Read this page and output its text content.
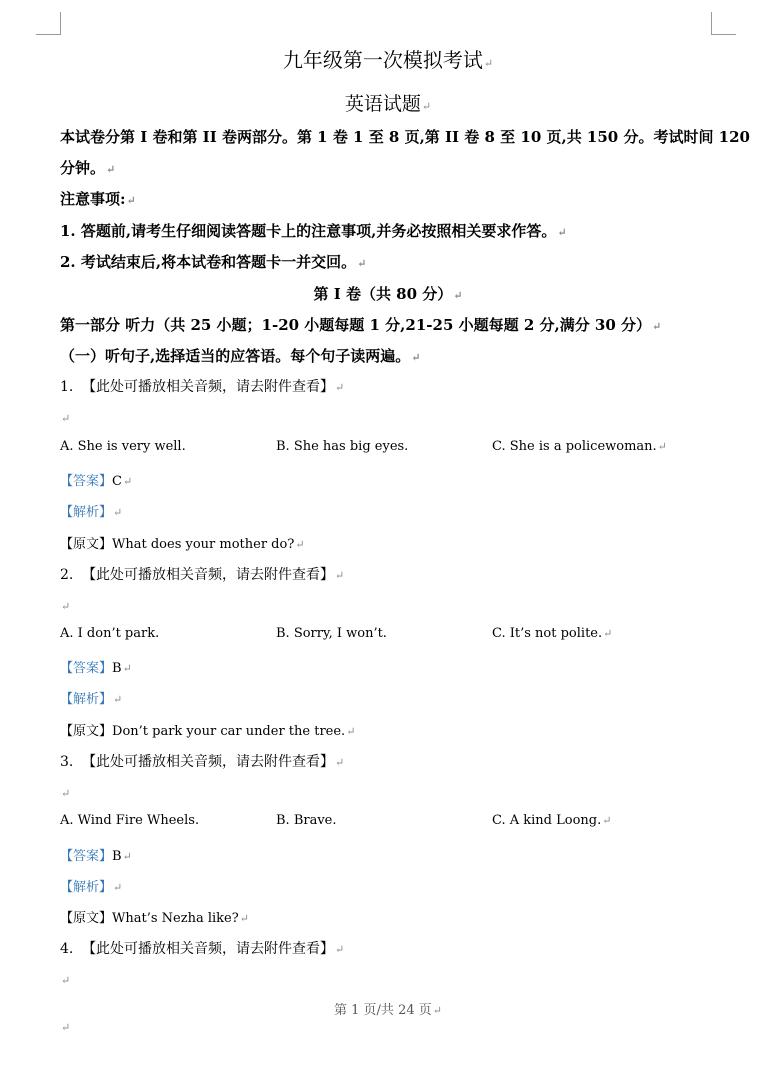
九年级第一次模拟考试↵
英语试题↵
本试卷分第 I 卷和第 II 卷两部分。第 1 卷 1 至 8 页,第 II 卷 8 至 10 页,共 150 分。考试时间 120
分钟。↵
注意事项:↵
1. 答题前,请考生仔细阅读答题卡上的注意事项,并务必按照相关要求作答。↵
2. 考试结束后,将本试卷和答题卡一并交回。↵
第 I 卷（共 80 分）↵
第一部分 听力（共 25 小题；1-20 小题每题 1 分,21-25 小题每题 2 分,满分 30 分）↵
（一）听句子,选择适当的应答语。每个句子读两遍。↵
1. 【此处可播放相关音频，请去附件查看】↵
↵
A. She is very well.	B. She has big eyes.	C. She is a policewoman.↵
【答案】C↵
【解析】↵
【原文】What does your mother do?↵
2. 【此处可播放相关音频，请去附件查看】↵
↵
A. I don’t park.	B. Sorry, I won’t.	C. It’s not polite.↵
【答案】B↵
【解析】↵
【原文】Don’t park your car under the tree.↵
3. 【此处可播放相关音频，请去附件查看】↵
↵
A. Wind Fire Wheels.	B. Brave.	C. A kind Loong.↵
【答案】B↵
【解析】↵
【原文】What’s Nezha like?↵
4. 【此处可播放相关音频，请去附件查看】↵
↵
第 1 页/共 24 页↵
↵
